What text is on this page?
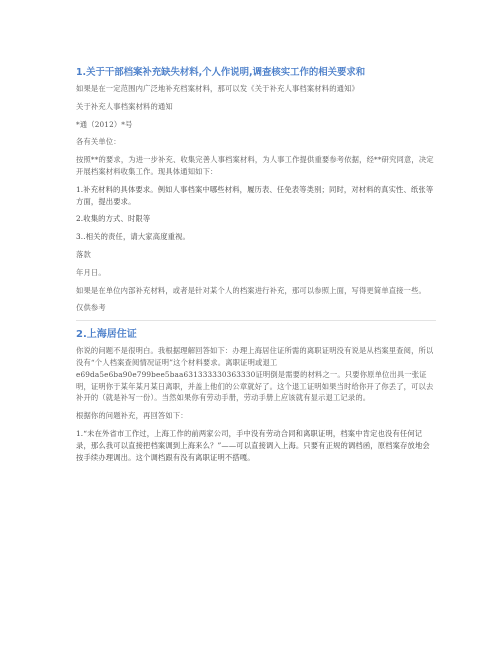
1.关于干部档案补充缺失材料,个人作说明,调查核实工作的相关要求和

如果是在一定范围内广泛地补充档案材料，那可以发《关于补充人事档案材料的通知》

关于补充人事档案材料的通知

*通（2012）*号

各有关单位：

按照**的要求，为进一步补充、收集完善人事档案材料，为人事工作提供重要参考依据，经**研究同意，决定开展档案材料收集工作。现具体通知如下：

1.补充材料的具体要求。例如人事档案中哪些材料，履历表、任免表等类别；同时，对材料的真实性、纸张等方面，提出要求。

2.收集的方式、时限等

3..相关的责任，请大家高度重视。

落款

年月日。

如果是在单位内部补充材料，或者是针对某个人的档案进行补充，那可以参照上面，写得更简单直接一些。

仅供参考

2.上海居住证

你说的问题不是很明白。我根据理解回答如下：办理上海居住证所需的离职证明没有说是从档案里查阅，所以没有“个人档案查阅情况证明”这个材料要求。离职证明或退工e69da5e6ba90e799bee5baa631333330363330证明倒是需要的材料之一。只要你原单位出具一张证明，证明你于某年某月某日离职，并盖上他们的公章就好了。这个退工证明如果当时给你开了你丢了，可以去补开的（就是补写一份）。当然如果你有劳动手册，劳动手册上应该就有显示退工记录的。

根据你的问题补充，再回答如下：

1.“未在外省市工作过，上海工作的前两家公司，手中没有劳动合同和离职证明，档案中肯定也没有任何记录，那么我可以直接把档案调到上海来么？”——可以直接调入上海。只要有正规的调档函，原档案存放地会按手续办理调出。这个调档跟有没有离职证明不搭嘎。
